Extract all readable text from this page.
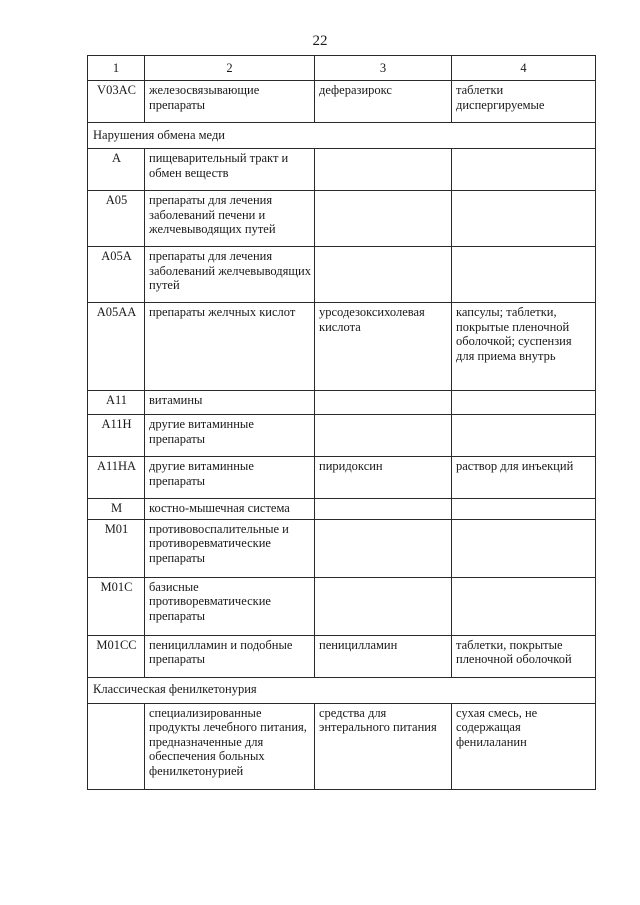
22
1	2	3	4
V03AC	железосвязывающие препараты	деферазирокс	таблетки диспергируемые
Нарушения обмена меди			
A	пищеварительный тракт и обмен веществ		
A05	препараты для лечения заболеваний печени и желчевыводящих путей		
A05A	препараты для лечения заболеваний желчевыводящих путей		
A05AA	препараты желчных кислот	урсодезоксихолевая кислота	капсулы; таблетки, покрытые пленочной оболочкой; суспензия для приема внутрь
A11	витамины		
A11H	другие витаминные препараты		
A11HA	другие витаминные препараты	пиридоксин	раствор для инъекций
M	костно-мышечная система		
M01	противовоспалительные и противоревматические препараты		
M01C	базисные противоревматические препараты		
M01CC	пеницилламин и подобные препараты	пеницилламин	таблетки, покрытые пленочной оболочкой
Классическая фенилкетонурия			
	специализированные продукты лечебного питания, предназначенные для обеспечения больных фенилкетонурией	средства для энтерального питания	сухая смесь, не содержащая фенилаланин
